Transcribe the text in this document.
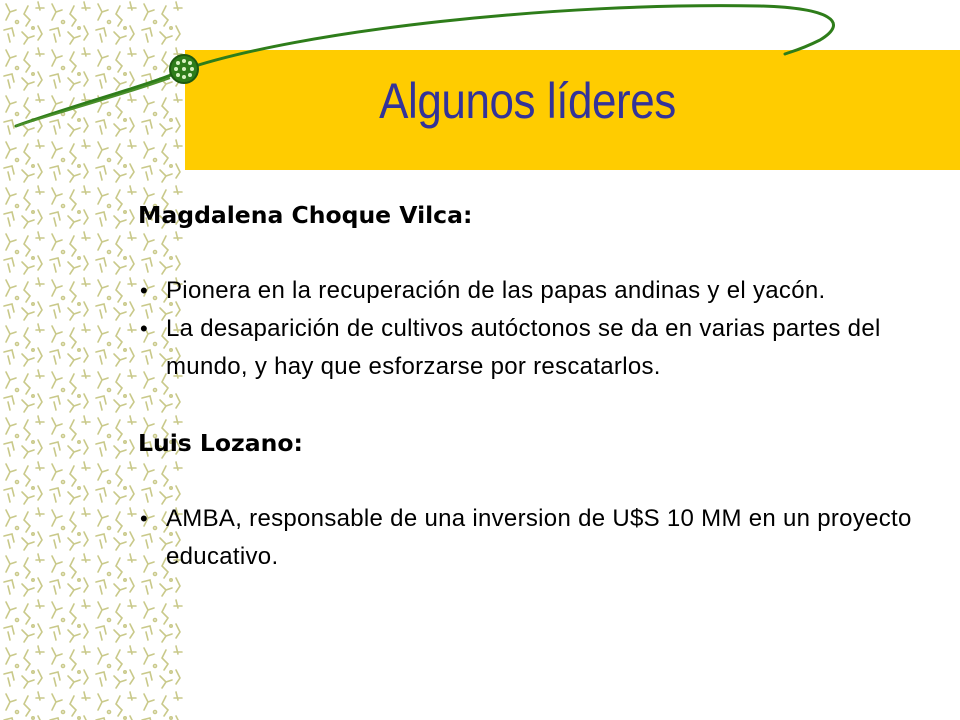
Algunos líderes
Magdalena Choque Vilca:
• Pionera en la recuperación de las papas andinas y el yacón.
• La desaparición de cultivos autóctonos se da en varias partes del mundo, y hay que esforzarse por rescatarlos.
Luis Lozano:
• AMBA, responsable de una inversion de U$S 10 MM en un proyecto educativo.
